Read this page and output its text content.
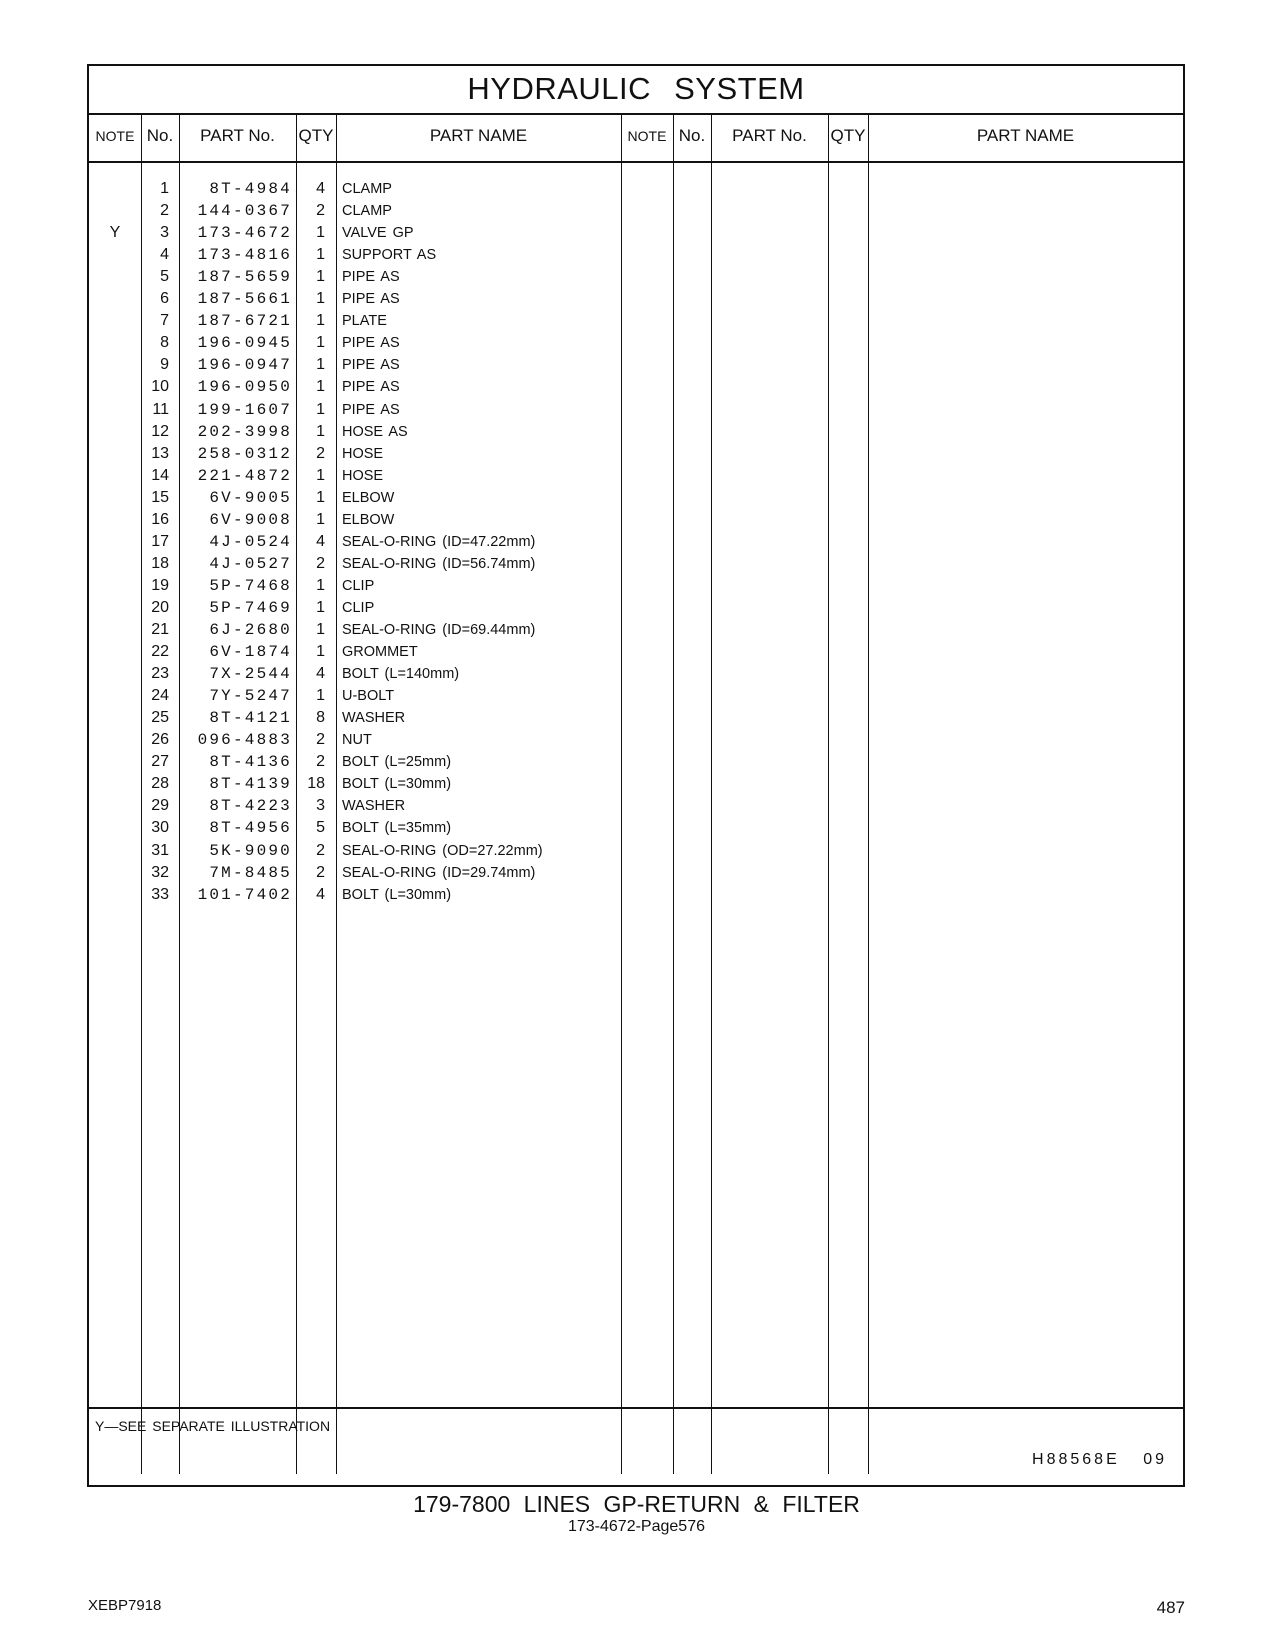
HYDRAULIC SYSTEM
NOTE No.	PART No.	QTY	PART NAME	NOTE No.	PART No.	QTY	PART NAME
1	8T-4984	4 CLAMP
2	144-0367	2 CLAMP
Y	3	173-4672	1 VALVE GP
4	173-4816	1 SUPPORT AS
5	187-5659	1 PIPE AS
6	187-5661	1 PIPE AS
7	187-6721	1 PLATE
8	196-0945	1 PIPE AS
9	196-0947	1 PIPE AS
10	196-0950	1 PIPE AS
11	199-1607	1 PIPE AS
12	202-3998	1 HOSE AS
13	258-0312	2 HOSE
14	221-4872	1 HOSE
15	6V-9005	1 ELBOW
16	6V-9008	1 ELBOW
17	4J-0524	4 SEAL-O-RING (ID=47.22mm)
18	4J-0527	2 SEAL-O-RING (ID=56.74mm)
19	5P-7468	1 CLIP
20	5P-7469	1 CLIP
21	6J-2680	1 SEAL-O-RING (ID=69.44mm)
22	6V-1874	1 GROMMET
23	7X-2544	4 BOLT (L=140mm)
24	7Y-5247	1 U-BOLT
25	8T-4121	8 WASHER
26	096-4883	2 NUT
27	8T-4136	2 BOLT (L=25mm)
28	8T-4139 18 BOLT (L=30mm)
29	8T-4223	3 WASHER
30	8T-4956	5 BOLT (L=35mm)
31	5K-9090	2 SEAL-O-RING (OD=27.22mm)
32	7M-8485	2 SEAL-O-RING (ID=29.74mm)
33	101-7402	4 BOLT (L=30mm)
Y—SEE SEPARATE ILLUSTRATION
H88568E 09
179-7800 LINES GP-RETURN & FILTER
173-4672-Page576
XEBP7918	487
